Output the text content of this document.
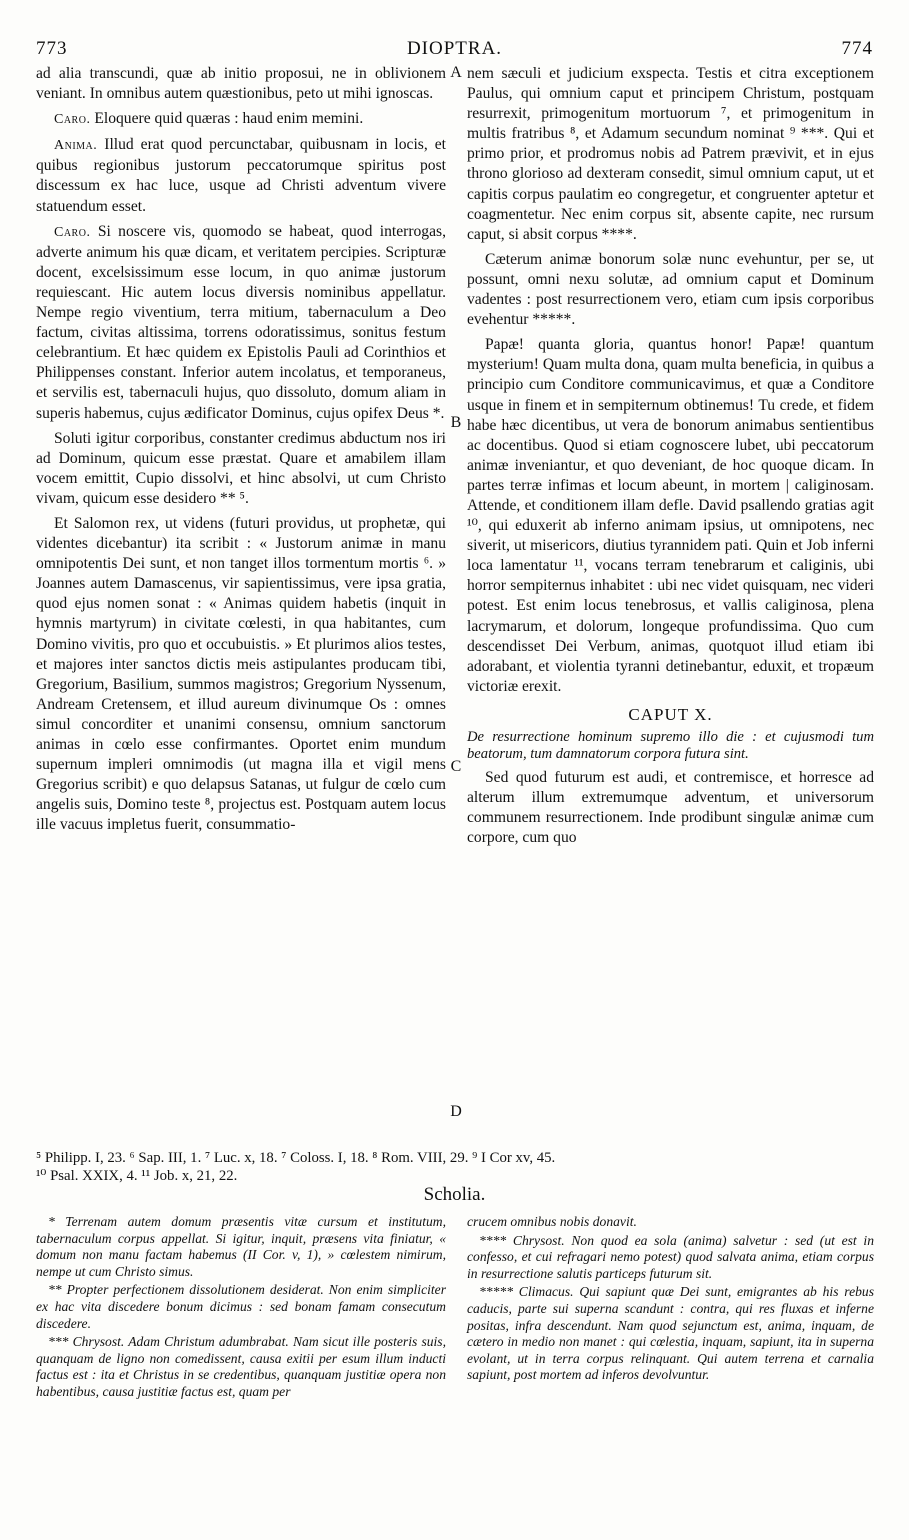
773	DIOPTRA.	774

ad alia transcundi, quæ ab initio proposui, ne in oblivionem veniant. In omnibus autem quæstionibus, peto ut mihi ignoscas.

Caro. Eloquere quid quæras : haud enim memini.

Anima. Illud erat quod percunctabar, quibusnam in locis, et quibus regionibus justorum peccatorumque spiritus post discessum ex hac luce, usque ad Christi adventum vivere statuendum esset.

Caro. Si noscere vis, quomodo se habeat, quod interrogas, adverte animum his quæ dicam, et veritatem percipies. Scripturæ docent, excelsissimum esse locum, in quo animæ justorum requiescant. Hic autem locus diversis nominibus appellatur. Nempe regio viventium, terra mitium, tabernaculum a Deo factum, civitas altissima, torrens odoratissimus, sonitus festum celebrantium. Et hæc quidem ex Epistolis Pauli ad Corinthios et Philippenses constant. Inferior autem incolatus, et temporaneus, et servilis est, tabernaculi hujus, quo dissoluto, domum aliam in superis habemus, cujus ædificator Dominus, cujus opifex Deus *.

Soluti igitur corporibus, constanter credimus abductum nos iri ad Dominum, quicum esse præstat. Quare et amabilem illam vocem emittit, Cupio dissolvi, et hinc absolvi, ut cum Christo vivam, quicum esse desidero ** ⁵.

Et Salomon rex, ut videns (futuri providus, ut prophetæ, qui videntes dicebantur) ita scribit : « Justorum animæ in manu omnipotentis Dei sunt, et non tanget illos tormentum mortis ⁶. » Joannes autem Damascenus, vir sapientissimus, vere ipsa gratia, quod ejus nomen sonat : « Animas quidem habetis (inquit in hymnis martyrum) in civitate cœlesti, in qua habitantes, cum Domino vivitis, pro quo et occubuistis. » Et plurimos alios testes, et majores inter sanctos dictis meis astipulantes producam tibi, Gregorium, Basilium, summos magistros; Gregorium Nyssenum, Andream Cretensem, et illud aureum divinumque Os : omnes simul concorditer et unanimi consensu, omnium sanctorum animas in cœlo esse confirmantes. Oportet enim mundum supernum impleri omnimodis (ut magna illa et vigil mens Gregorius scribit) e quo delapsus Satanas, ut fulgur de cœlo cum angelis suis, Domino teste ⁸, projectus est. Postquam autem locus ille vacuus impletus fuerit, consummatio-

A
B
C
D

nem sæculi et judicium exspecta. Testis et citra exceptionem Paulus, qui omnium caput et principem Christum, postquam resurrexit, primogenitum mortuorum ⁷, et primogenitum in multis fratribus ⁸, et Adamum secundum nominat ⁹ ***. Qui et primo prior, et prodromus nobis ad Patrem prævivit, et in ejus throno glorioso ad dexteram consedit, simul omnium caput, ut et capitis corpus paulatim eo congregetur, et congruenter aptetur et coagmentetur. Nec enim corpus sit, absente capite, nec rursum caput, si absit corpus ****.

Cæterum animæ bonorum solæ nunc evehuntur, per se, ut possunt, omni nexu solutæ, ad omnium caput et Dominum vadentes : post resurrectionem vero, etiam cum ipsis corporibus evehentur *****.

Papæ! quanta gloria, quantus honor! Papæ! quantum mysterium! Quam multa dona, quam multa beneficia, in quibus a principio cum Conditore communicavimus, et quæ a Conditore usque in finem et in sempiternum obtinemus! Tu crede, et fidem habe hæc dicentibus, ut vera de bonorum animabus sentientibus ac docentibus. Quod si etiam cognoscere lubet, ubi peccatorum animæ inveniantur, et quo deveniant, de hoc quoque dicam. In partes terræ infimas et locum abeunt, in mortem | caliginosam. Attende, et conditionem illam defle. David psallendo gratias agit ¹⁰, qui eduxerit ab inferno animam ipsius, ut omnipotens, nec siverit, ut misericors, diutius tyrannidem pati. Quin et Job inferni loca lamentatur ¹¹, vocans terram tenebrarum et caliginis, ubi horror sempiternus inhabitet : ubi nec videt quisquam, nec videri potest. Est enim locus tenebrosus, et vallis caliginosa, plena lacrymarum, et dolorum, longeque profundissima. Quo cum descendisset Dei Verbum, animas, quotquot illud etiam ibi adorabant, et violentia tyranni detinebantur, eduxit, et tropæum victoriæ erexit.

CAPUT X.

De resurrectione hominum supremo illo die : et cujusmodi tum beatorum, tum damnatorum corpora futura sint.

Sed quod futurum est audi, et contremisce, et horresce ad alterum illum extremumque adventum, et universorum communem resurrectionem. Inde prodibunt singulæ animæ cum corpore, cum quo

⁵ Philipp. I, 23. ⁶ Sap. III, 1. ⁷ Luc. x, 18. ⁷ Coloss. I, 18. ⁸ Rom. VIII, 29. ⁹ I Cor xv, 45.
¹⁰ Psal. XXIX, 4. ¹¹ Job. x, 21, 22.
Scholia.

* Terrenam autem domum præsentis vitæ cursum et institutum, tabernaculum corpus appellat. Si igitur, inquit, præsens vita finiatur, « domum non manu factam habemus (II Cor. v, 1), » cœlestem nimirum, nempe ut cum Christo simus.

** Propter perfectionem dissolutionem desiderat. Non enim simpliciter ex hac vita discedere bonum dicimus : sed bonam famam consecutum discedere.

*** Chrysost. Adam Christum adumbrabat. Nam sicut ille posteris suis, quanquam de ligno non comedissent, causa exitii per esum illum inducti factus est : ita et Christus in se credentibus, quanquam justitiæ opera non habentibus, causa justitiæ factus est, quam per

crucem omnibus nobis donavit.

**** Chrysost. Non quod ea sola (anima) salvetur : sed (ut est in confesso, et cui refragari nemo potest) quod salvata anima, etiam corpus in resurrectione salutis particeps futurum sit.

***** Climacus. Qui sapiunt quæ Dei sunt, emigrantes ab his rebus caducis, parte sui superna scandunt : contra, qui res fluxas et inferne positas, infra descendunt. Nam quod sejunctum est, anima, inquam, de cætero in medio non manet : qui cœlestia, inquam, sapiunt, ita in superna evolant, ut in terra corpus relinquant. Qui autem terrena et carnalia sapiunt, post mortem ad inferos devolvuntur.
